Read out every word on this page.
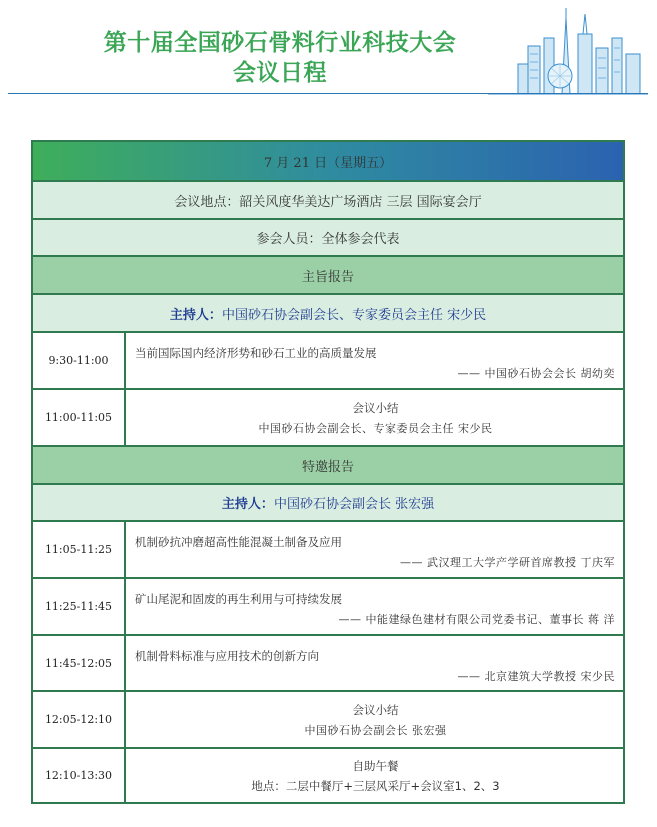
第十届全国砂石骨料行业科技大会
会议日程
7 月 21 日（星期五）
会议地点：韶关风度华美达广场酒店 三层 国际宴会厅
参会人员：全体参会代表
主旨报告
主持人： 中国砂石协会副会长、专家委员会主任 宋少民
9:30-11:00
当前国际国内经济形势和砂石工业的高质量发展
—— 中国砂石协会会长 胡幼奕
11:00-11:05
会议小结
中国砂石协会副会长、专家委员会主任 宋少民
特邀报告
主持人： 中国砂石协会副会长 张宏强
11:05-11:25
机制砂抗冲磨超高性能混凝土制备及应用
—— 武汉理工大学产学研首席教授 丁庆军
11:25-11:45
矿山尾泥和固废的再生利用与可持续发展
—— 中能建绿色建材有限公司党委书记、董事长 蒋 洋
11:45-12:05	机制骨料标准与应用技术的创新方向
—— 北京建筑大学教授 宋少民
12:05-12:10
会议小结
中国砂石协会副会长 张宏强
12:10-13:30
自助午餐
地点：二层中餐厅+三层风采厅+会议室1、2、3
